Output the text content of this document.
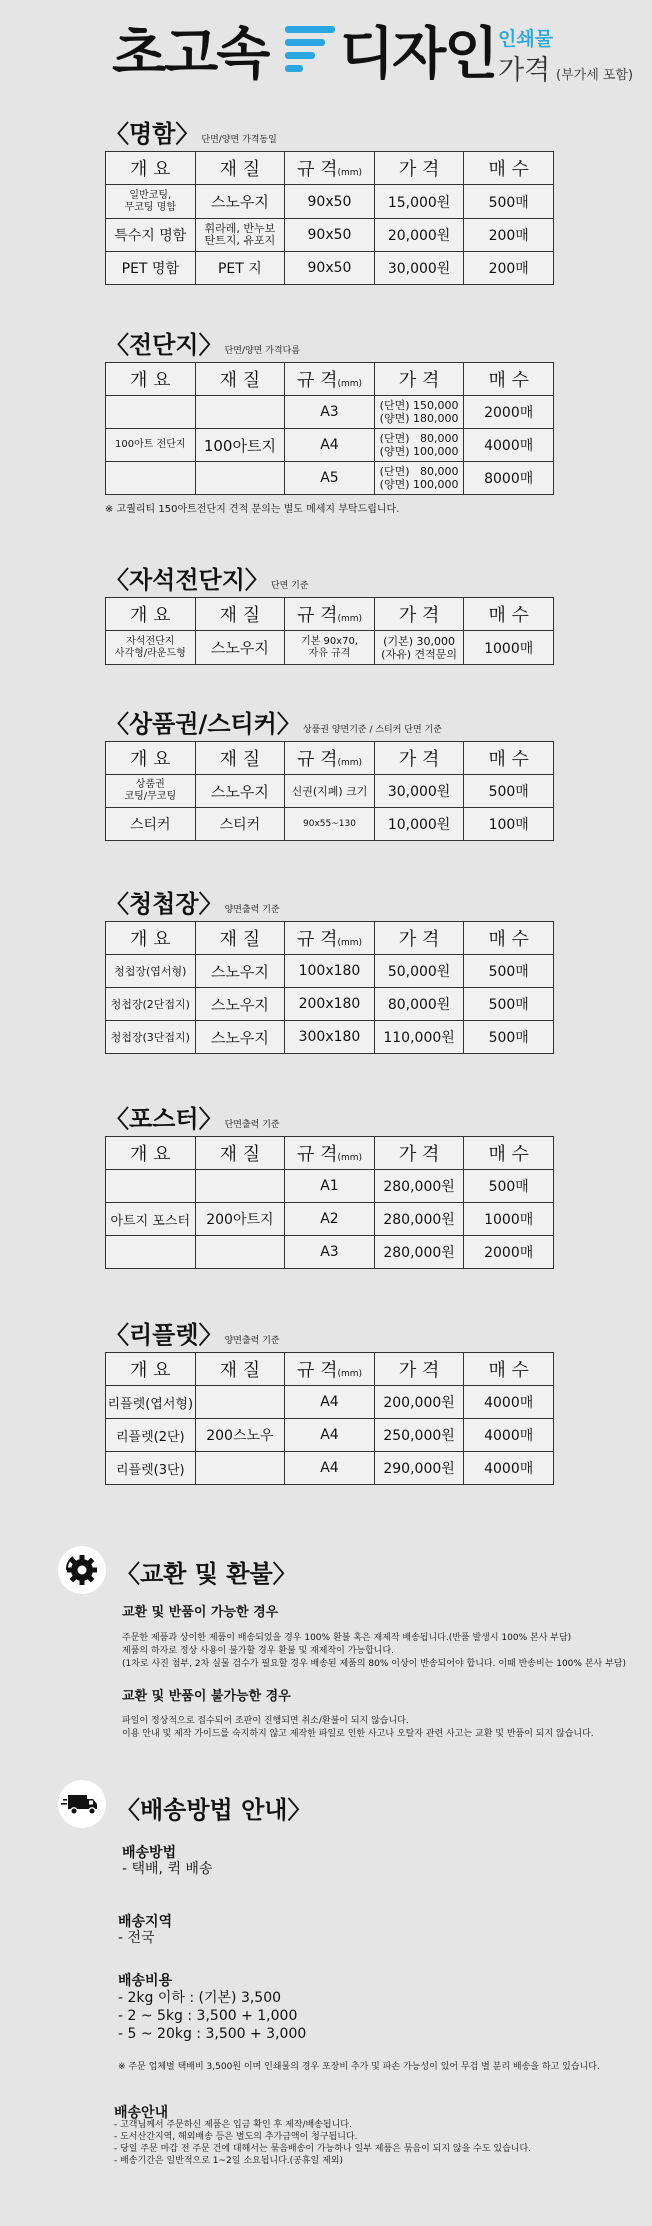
초고속 디자인 인쇄물
가격 (부가세 포함)
〈명함〉 단면/양면 가격동일
개 요	재 질	규 격(mm)	가 격	매 수
일반코팅,
무코팅 명함	스노우지	90x50	15,000원	500매
특수지 명함	휘라레, 반누보
탄트지, 유포지	90x50	20,000원	200매
PET 명함	PET 지	90x50	30,000원	200매
〈전단지〉 단면/양면 가격다름
개 요	재 질	규 격(mm)	가 격	매 수
		A3	(단면) 150,000
(양면) 180,000	2000매
100아트 전단지	100아트지	A4	(단면)   80,000
(양면) 100,000	4000매
		A5	(단면)   80,000
(양면) 100,000	8000매
※ 고퀄리티 150아트전단지 견적 문의는 별도 메세지 부탁드립니다.
〈자석전단지〉 단면 기준
개 요	재 질	규 격(mm)	가 격	매 수
자석전단지
사각형/라운드형	스노우지	기본 90x70,
자유 규격	(기본) 30,000
(자유) 견적문의	1000매
〈상품권/스티커〉 상품권 양면기준 / 스티커 단면 기준
개 요	재 질	규 격(mm)	가 격	매 수
상품권
코팅/무코팅	스노우지	신권(지폐) 크기	30,000원	500매
스티커	스티커	90x55~130	10,000원	100매
〈청첩장〉 양면출력 기준
개 요	재 질	규 격(mm)	가 격	매 수
청첩장(엽서형)	스노우지	100x180	50,000원	500매
청첩장(2단접지)	스노우지	200x180	80,000원	500매
청첩장(3단접지)	스노우지	300x180	110,000원	500매
〈포스터〉 단면출력 기준
개 요	재 질	규 격(mm)	가 격	매 수
		A1	280,000원	500매
아트지 포스터	200아트지	A2	280,000원	1000매
		A3	280,000원	2000매
〈리플렛〉 양면출력 기준
개 요	재 질	규 격(mm)	가 격	매 수
리플렛(엽서형)		A4	200,000원	4000매
리플렛(2단)	200스노우	A4	250,000원	4000매
리플렛(3단)		A4	290,000원	4000매
〈교환 및 환불〉
교환 및 반품이 가능한 경우
주문한 제품과 상이한 제품이 배송되었을 경우 100% 환불 혹은 재제작 배송됩니다.(반품 발생시 100% 본사 부담)
제품의 하자로 정상 사용이 불가할 경우 환불 및 재제작이 가능합니다.
(1차로 사진 첨부, 2차 실물 검수가 필요할 경우 배송된 제품의 80% 이상이 반송되어야 합니다. 이때 반송비는 100% 본사 부담)
교환 및 반품이 불가능한 경우
파일이 정상적으로 접수되어 조판이 진행되면 취소/환불이 되지 않습니다.
이용 안내 및 제작 가이드를 숙지하지 않고 제작한 파일로 인한 사고나 오탈자 관련 사고는 교환 및 반품이 되지 않습니다.
〈배송방법 안내〉
배송방법
- 택배, 퀵 배송
배송지역
- 전국
배송비용
- 2kg 이하 : (기본) 3,500
- 2 ~ 5kg : 3,500 + 1,000
- 5 ~ 20kg : 3,500 + 3,000
※ 주문 업체별 택배비 3,500원 이며 인쇄물의 경우 포장비 추가 및 파손 가능성이 있어 무겁 별 분리 배송을 하고 있습니다.
배송안내
- 고객님께서 주문하신 제품은 입금 확인 후 제작/배송됩니다.
- 도서산간지역, 해외배송 등은 별도의 추가금액이 청구됩니다.
- 당일 주문 마감 전 주문 건에 대해서는 묶음배송이 가능하나 일부 제품은 묶음이 되지 않을 수도 있습니다.
- 배송기간은 일반적으로 1~2일 소요됩니다.(공휴일 제외)
